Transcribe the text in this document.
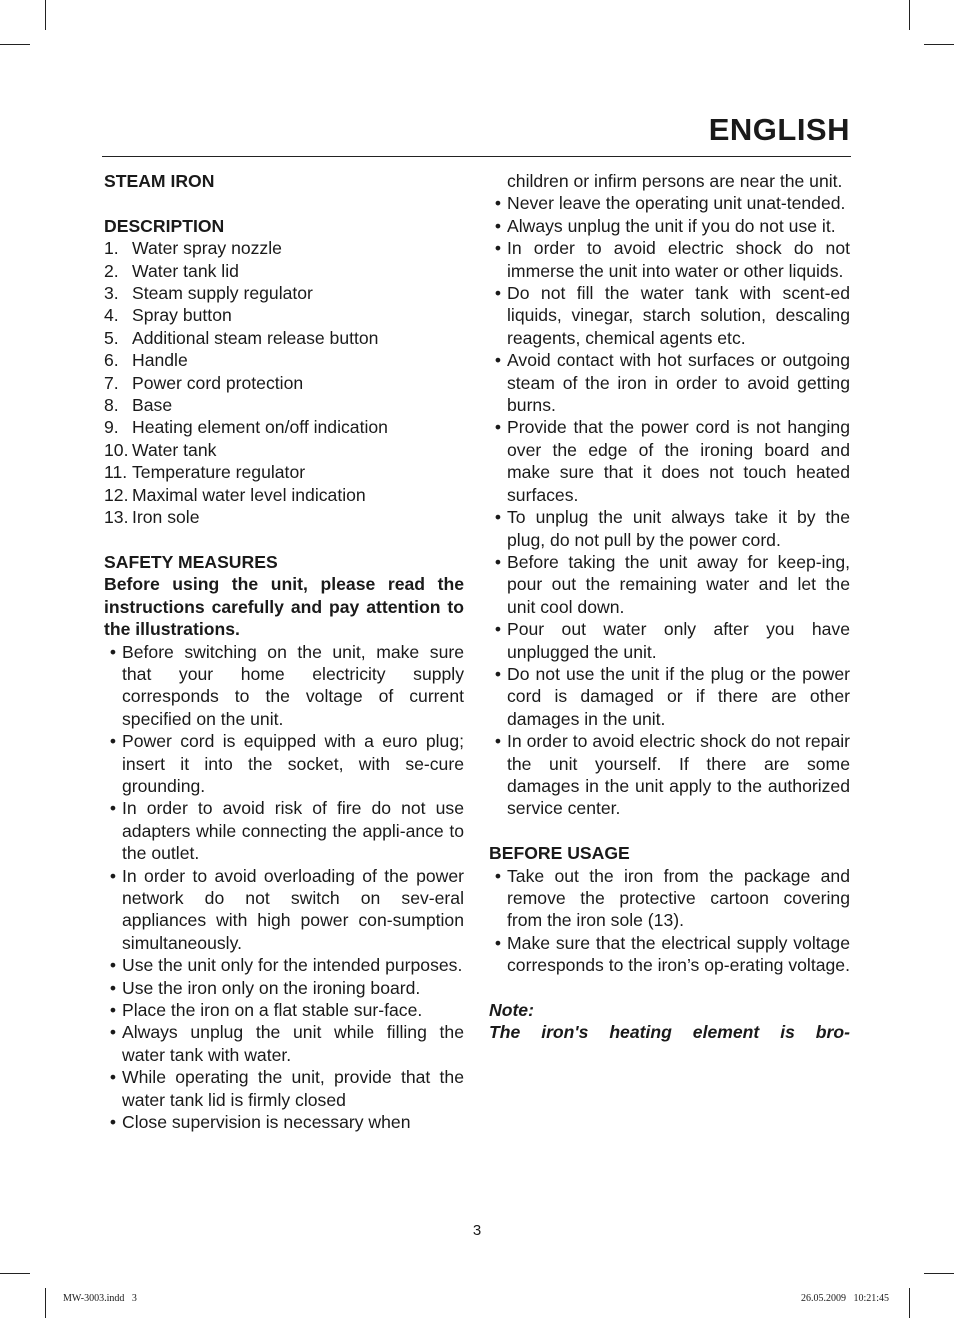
ENGLISH
STEAM IRON
DESCRIPTION
1. Water spray nozzle
2. Water tank lid
3. Steam supply regulator
4. Spray button
5. Additional steam release button
6. Handle
7. Power cord protection
8. Base
9. Heating element on/off indication
10. Water tank
11. Temperature regulator
12. Maximal water level indication
13. Iron sole
SAFETY MEASURES
Before using the unit, please read the instructions carefully and pay attention to the illustrations.
• Before switching on the unit, make sure that your home electricity supply corresponds to the voltage of current specified on the unit.
• Power cord is equipped with a euro plug; insert it into the socket, with se-cure grounding.
• In order to avoid risk of fire do not use adapters while connecting the appli-ance to the outlet.
• In order to avoid overloading of the power network do not switch on sev-eral appliances with high power con-sumption simultaneously.
• Use the unit only for the intended purposes.
• Use the iron only on the ironing board.
• Place the iron on a flat stable sur-face.
• Always unplug the unit while filling the water tank with water.
• While operating the unit, provide that the water tank lid is firmly closed
• Close supervision is necessary when
children or infirm persons are near the unit.
• Never leave the operating unit unat-tended.
• Always unplug the unit if you do not use it.
• In order to avoid electric shock do not immerse the unit into water or other liquids.
• Do not fill the water tank with scent-ed liquids, vinegar, starch solution, descaling reagents, chemical agents etc.
• Avoid contact with hot surfaces or outgoing steam of the iron in order to avoid getting burns.
• Provide that the power cord is not hanging over the edge of the ironing board and make sure that it does not touch heated surfaces.
• To unplug the unit always take it by the plug, do not pull by the power cord.
• Before taking the unit away for keep-ing, pour out the remaining water and let the unit cool down.
• Pour out water only after you have unplugged the unit.
• Do not use the unit if the plug or the power cord is damaged or if there are other damages in the unit.
• In order to avoid electric shock do not repair the unit yourself. If there are some damages in the unit apply to the authorized service center.
BEFORE USAGE
• Take out the iron from the package and remove the protective cartoon covering from the iron sole (13).
• Make sure that the electrical supply voltage corresponds to the iron’s op-erating voltage.
Note:
The iron's heating element is bro-
3
MW-3003.indd   3	26.05.2009   10:21:45
